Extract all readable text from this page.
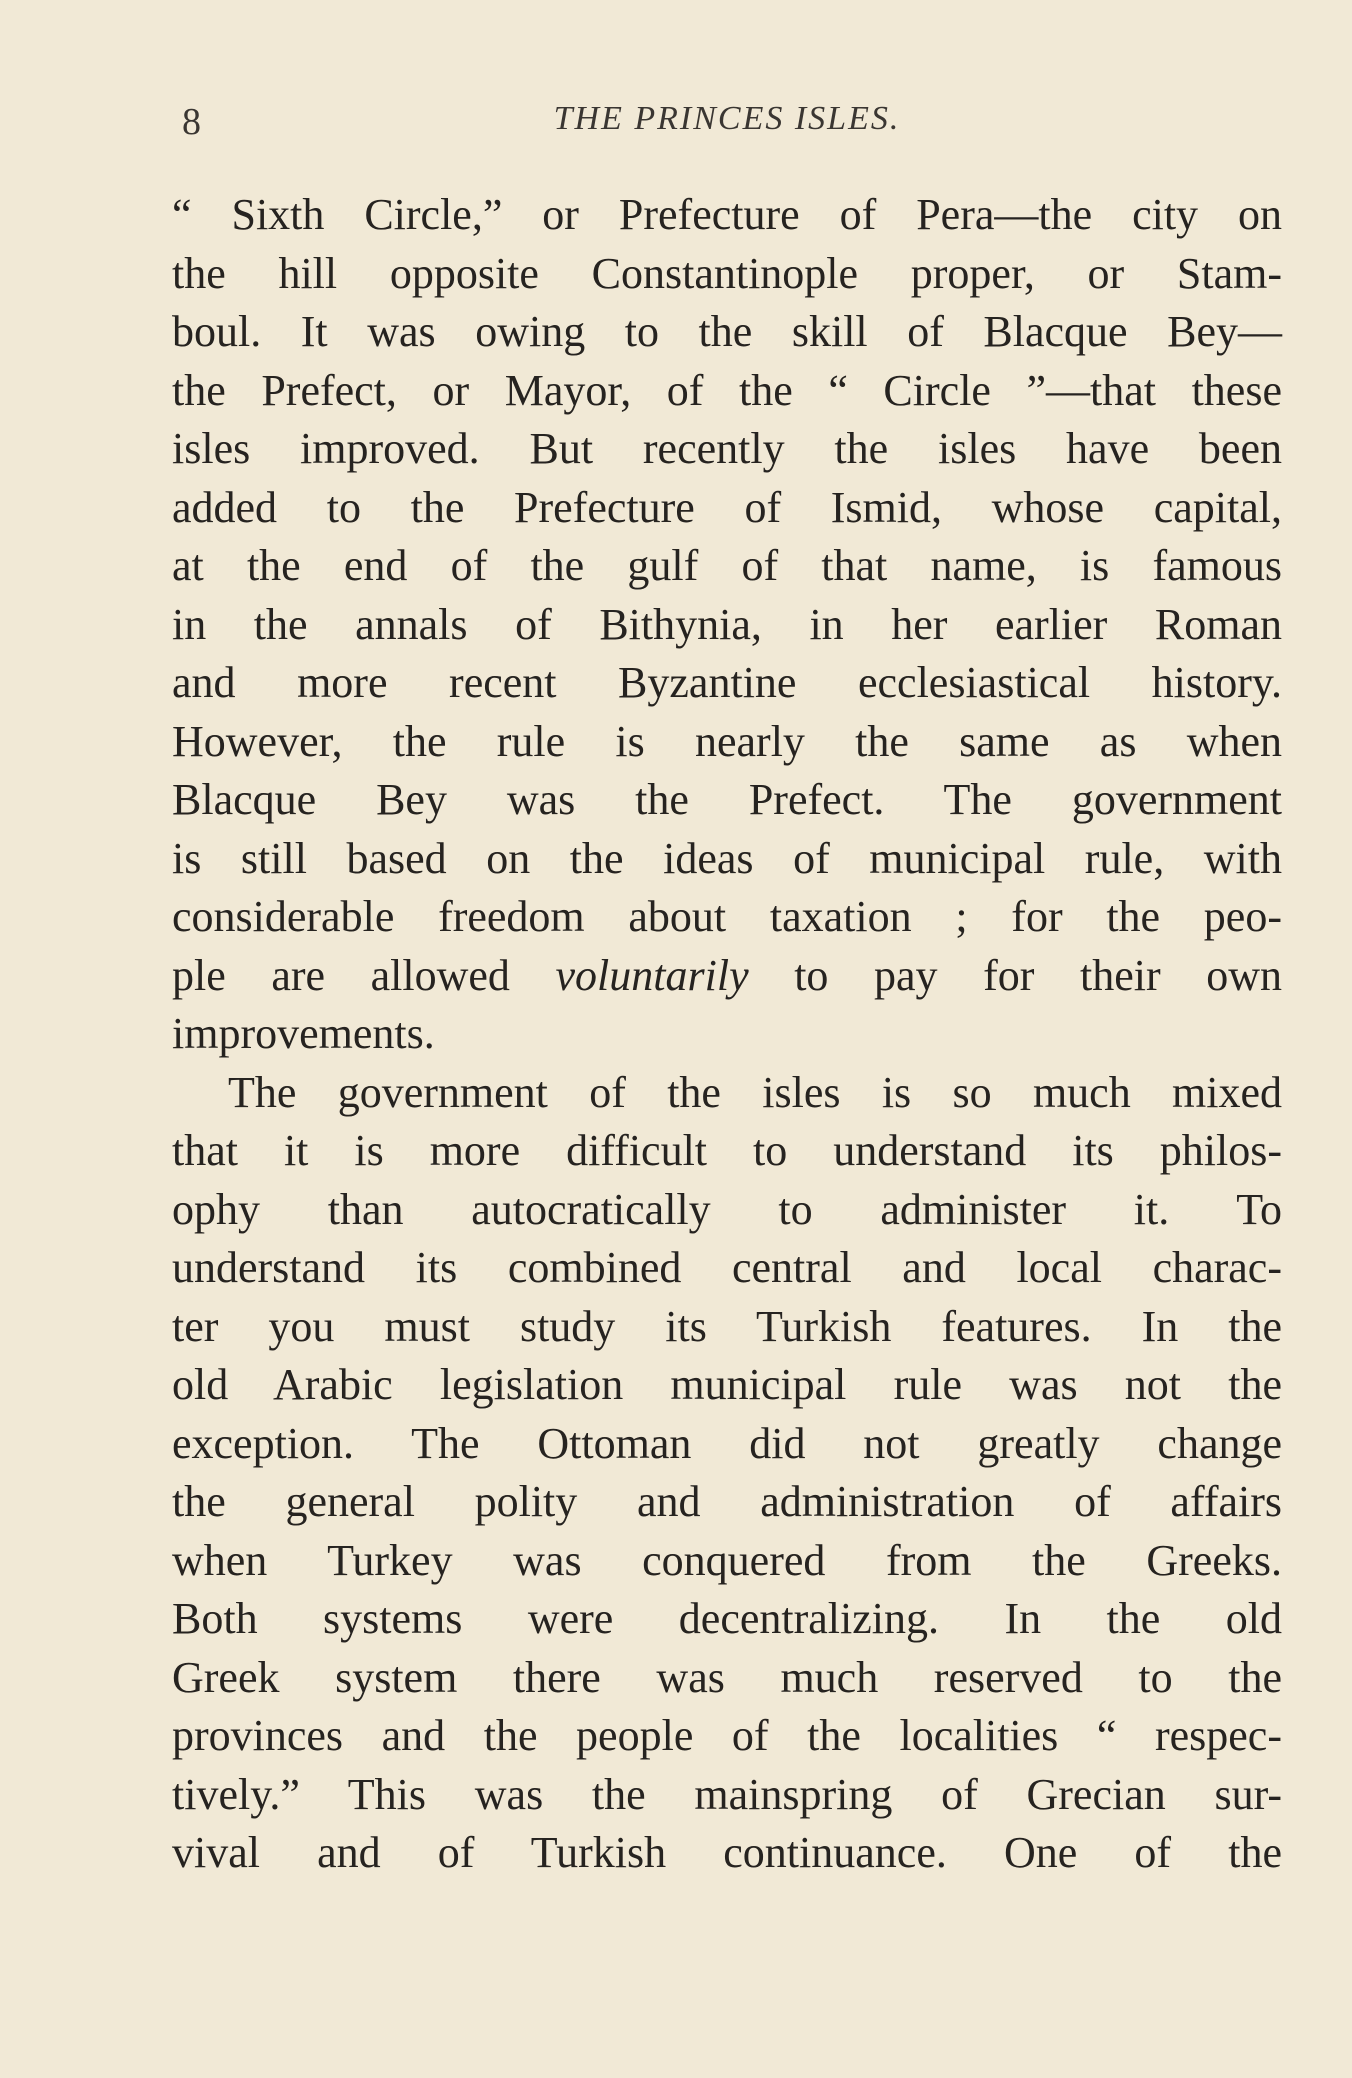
8	THE PRINCES ISLES.
“ Sixth Circle,” or Prefecture of Pera—the city on
the hill opposite Constantinople proper, or Stam-
boul. It was owing to the skill of Blacque Bey—
the Prefect, or Mayor, of the “ Circle ”—that these
isles improved. But recently the isles have been
added to the Prefecture of Ismid, whose capital,
at the end of the gulf of that name, is famous
in the annals of Bithynia, in her earlier Roman
and more recent Byzantine ecclesiastical history.
However, the rule is nearly the same as when
Blacque Bey was the Prefect. The government
is still based on the ideas of municipal rule, with
considerable freedom about taxation ; for the peo-
ple are allowed voluntarily to pay for their own
improvements.
The government of the isles is so much mixed
that it is more difficult to understand its philos-
ophy than autocratically to administer it. To
understand its combined central and local charac-
ter you must study its Turkish features. In the
old Arabic legislation municipal rule was not the
exception. The Ottoman did not greatly change
the general polity and administration of affairs
when Turkey was conquered from the Greeks.
Both systems were decentralizing. In the old
Greek system there was much reserved to the
provinces and the people of the localities “ respec-
tively.” This was the mainspring of Grecian sur-
vival and of Turkish continuance. One of the
